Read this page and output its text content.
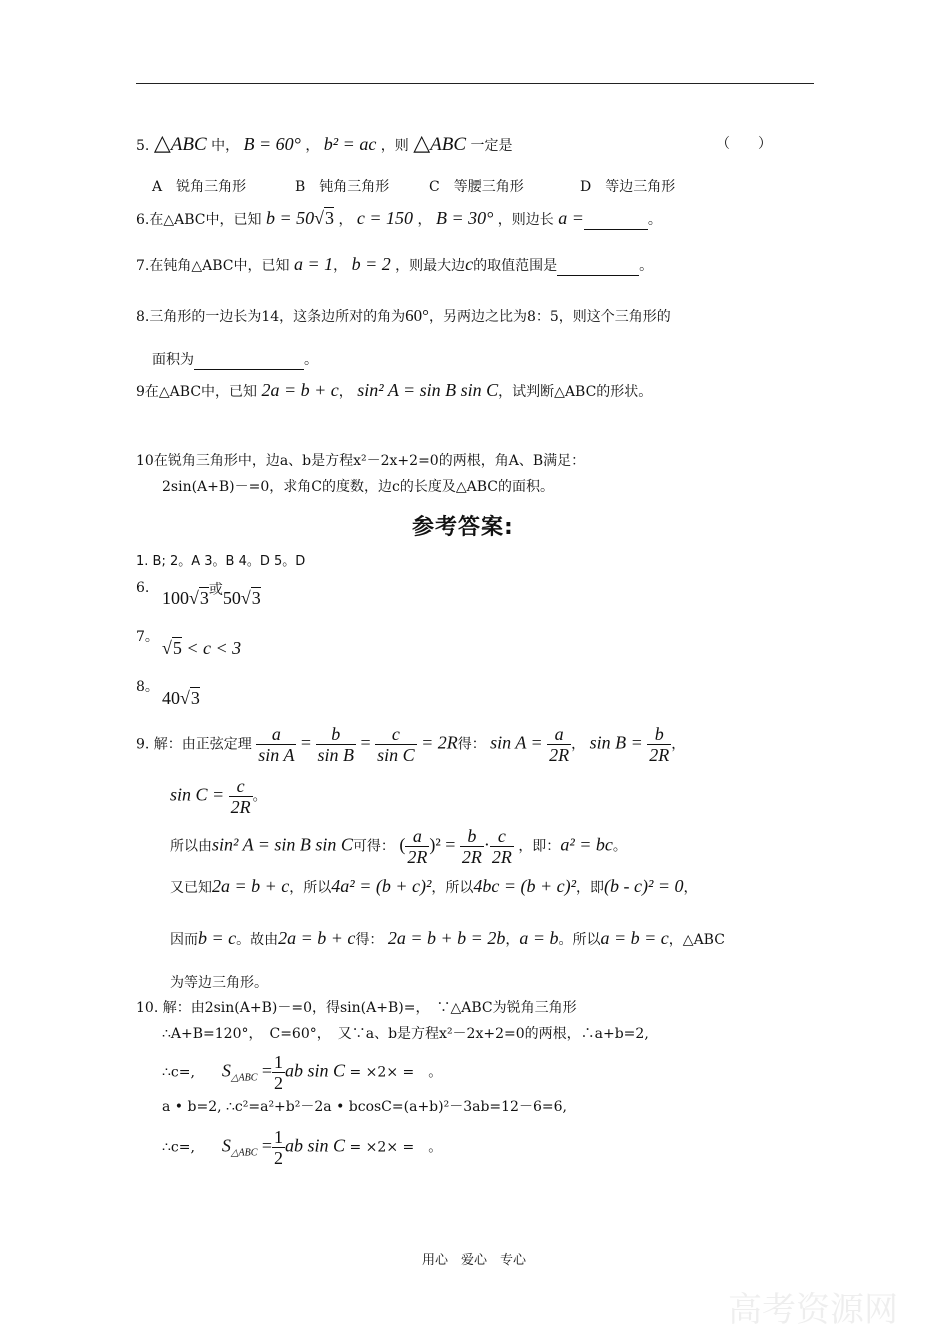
5. △ABC 中， B = 60° ， b² = ac ，则 △ABC 一定是	（　　）
A　锐角三角形	B　钝角三角形	C　等腰三角形	D　等边三角形
6.在△ABC中，已知 b = 50√3 ， c = 150 ， B = 30° ，则边长 a =	。
7.在钝角△ABC中，已知 a = 1， b = 2 ，则最大边c的取值范围是	。
8.三角形的一边长为14，这条边所对的角为60°，另两边之比为8：5，则这个三角形的
面积为	。
9在△ABC中，已知 2a = b + c， sin² A = sin B sin C，试判断△ABC的形状。
10在锐角三角形中，边a、b是方程x²－2x+2=0的两根，角A、B满足：
2sin(A+B)－=0，求角C的度数，边c的长度及△ABC的面积。
参考答案:
1. B; 2。A 3。B 4。D 5。D
6. $100√3^或50√3$
7。
√5 < c < 3
8。
40√3
9. 解：由正弦定理 $\frac{a}{\text{sin A}} = \frac{b}{\text{sin B}} = \frac{c}{\text{sin C}} = 2R$得： $\sin A = \frac{a}{2R}$ ， $\sin B = \frac{b}{2R}$ ，
$\sin C = \frac{c}{2R}$ 。
所以由sin² A = sin B sin C可得： ( $\frac{a}{2R} )^2 = \frac{b}{2R} \cdot \frac{c}{2R}$ ，即：a² = bc。
又已知2a = b + c，所以4a² = (b + c)²，所以4bc = (b + c)²，即(b - c)² = 0，
因而b = c。故由2a = b + c得： 2a = b + b = 2b，a = b。所以a = b = c，△ABC
为等边三角形。
10. 解：由2sin(A+B)－=0，得sin(A+B)=，　∵△ABC为锐角三角形
∴A+B=120°，　C=60°，　又∵a、b是方程x²－2x+2=0的两根，∴a+b=2,
∴c=, $S_{\triangle ABC} = \frac{1}{2}$ ab sin C = ×2× =　。
a • b=2, ∴c²=a²+b²－2a • bcosC=(a+b)²－3ab=12－6=6,
∴c=, $S_{\triangle ABC} = \frac{1}{2}$ ab sin C = ×2× =　。
用心　爱心　专心
高考资源网
